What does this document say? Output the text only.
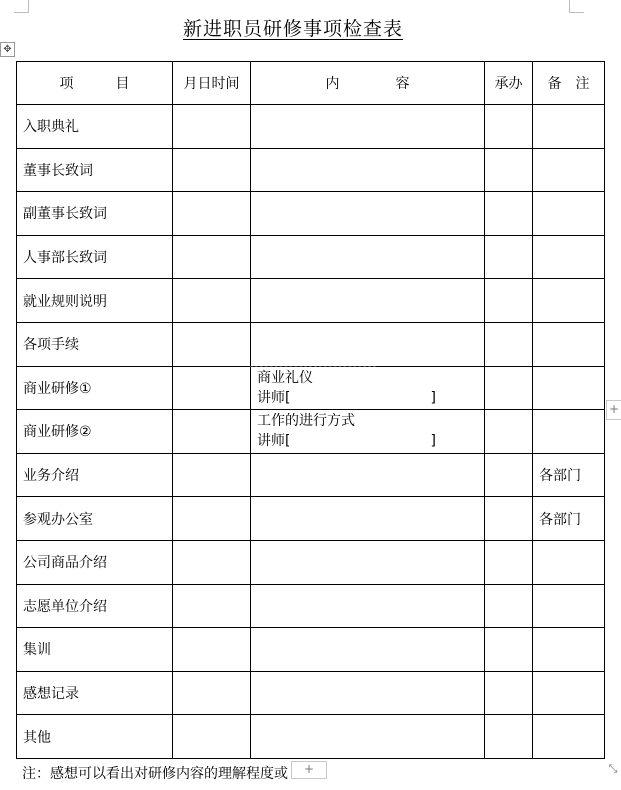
✥
新进职员研修事项检查表
项　　　目	月日时间	内　　　　容	承办	备　注
入职典礼				
董事长致词				
副董事长致词				
人事部长致词				
就业规则说明				
各项手续				
商业研修①		商业礼仪
讲师[　　　　　　　　　　]		

商业研修②		工作的进行方式
讲师[　　　　　　　　　　]		

业务介绍				各部门
参观办公室				各部门
公司商品介绍				
志愿单位介绍				
集训				
感想记录				
其他				
+
+	⤡
注：感想可以看出对研修内容的理解程度或
